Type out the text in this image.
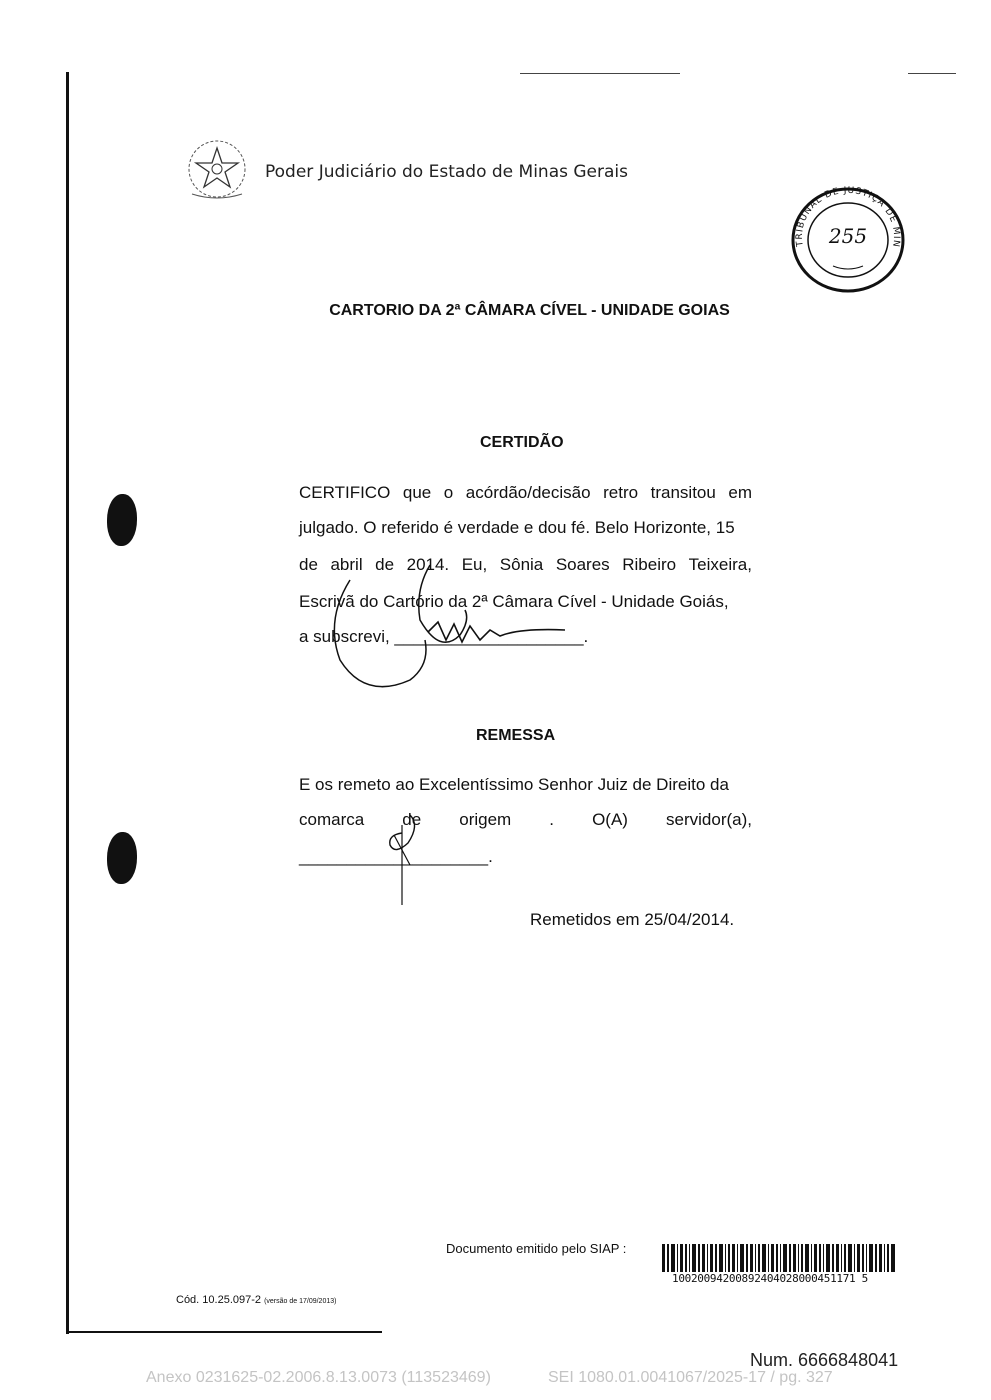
Poder Judiciário do Estado de Minas Gerais
TRIBUNAL DE JUSTIÇA DE MIN
255
CARTORIO DA 2ª CÂMARA CÍVEL - UNIDADE GOIAS
CERTIDÃO
CERTIFICO que o acórdão/decisão retro transitou em
julgado. O referido é verdade e dou fé. Belo Horizonte, 15
de abril de 2014. Eu, Sônia Soares Ribeiro Teixeira,
Escrivã do Cartório da 2ª Câmara Cível - Unidade Goiás,
a subscrevi, ____________________.
REMESSA
E os remeto ao Excelentíssimo Senhor Juiz de Direito da
comarca de origem . O(A) servidor(a),
____________________.
Remetidos em 25/04/2014.
Documento emitido pelo SIAP :
10020094200892404028000451171 5
Cód. 10.25.097-2 (versão de 17/09/2013)
Num. 6666848041
Anexo 0231625-02.2006.8.13.0073 (113523469)	SEI 1080.01.0041067/2025-17 / pg. 327
